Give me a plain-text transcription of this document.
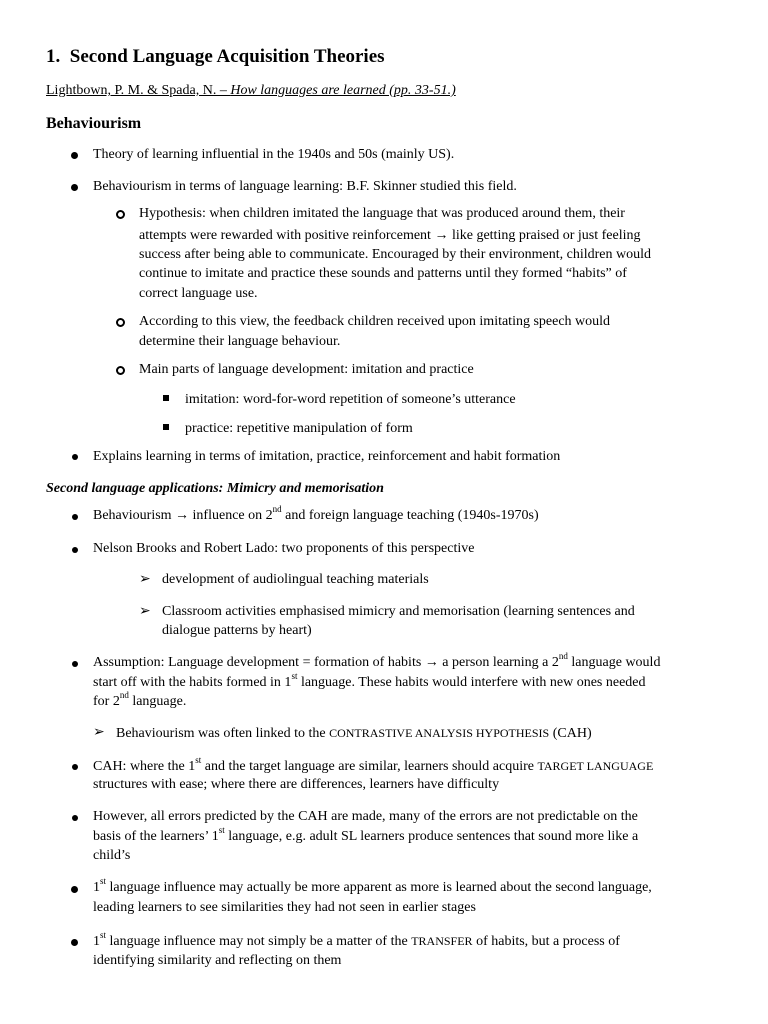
1. Second Language Acquisition Theories
Lightbown, P. M. & Spada, N. – How languages are learned (pp. 33-51.)
Behaviourism
Theory of learning influential in the 1940s and 50s (mainly US).
Behaviourism in terms of language learning: B.F. Skinner studied this field.
Hypothesis: when children imitated the language that was produced around them, their
attempts were rewarded with positive reinforcement → like getting praised or just feeling
success after being able to communicate. Encouraged by their environment, children would
continue to imitate and practice these sounds and patterns until they formed “habits” of
correct language use.
According to this view, the feedback children received upon imitating speech would
determine their language behaviour.
Main parts of language development: imitation and practice
imitation: word-for-word repetition of someone’s utterance
practice: repetitive manipulation of form
Explains learning in terms of imitation, practice, reinforcement and habit formation
Second language applications: Mimicry and memorisation
Behaviourism → influence on 2nd and foreign language teaching (1940s-1970s)
Nelson Brooks and Robert Lado: two proponents of this perspective
➢ development of audiolingual teaching materials
➢ Classroom activities emphasised mimicry and memorisation (learning sentences and
dialogue patterns by heart)
Assumption: Language development = formation of habits → a person learning a 2nd language would
start off with the habits formed in 1st language. These habits would interfere with new ones needed
for 2nd language.
➢ Behaviourism was often linked to the CONTRASTIVE ANALYSIS HYPOTHESIS (CAH)
CAH: where the 1st and the target language are similar, learners should acquire TARGET LANGUAGE
structures with ease; where there are differences, learners have difficulty
However, all errors predicted by the CAH are made, many of the errors are not predictable on the
basis of the learners’ 1st language, e.g. adult SL learners produce sentences that sound more like a
child’s
1st language influence may actually be more apparent as more is learned about the second language,
leading learners to see similarities they had not seen in earlier stages
1st language influence may not simply be a matter of the TRANSFER of habits, but a process of
identifying similarity and reflecting on them
